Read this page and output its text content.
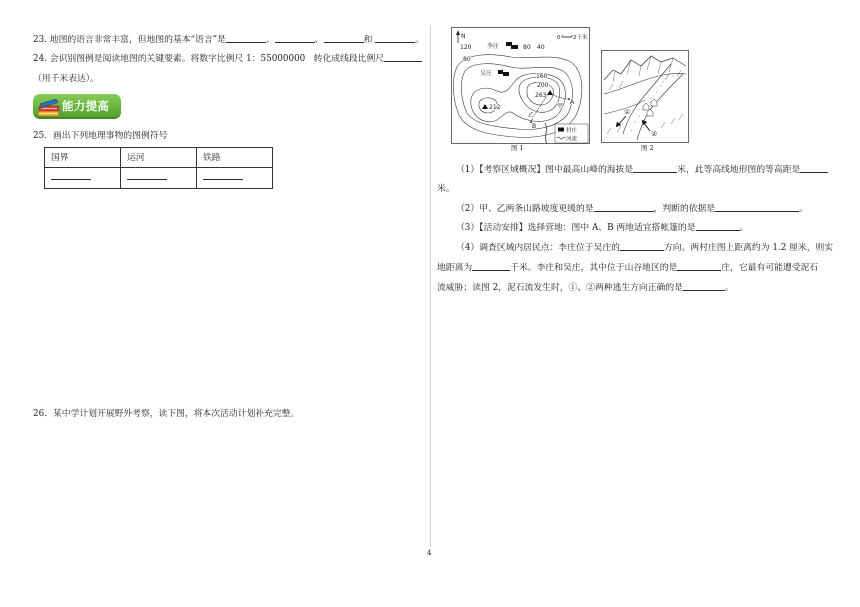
23. 地图的语言非常丰富，但地图的基本“语言”是	、	、	和	。
24. 会识别图例是阅读地图的关键要素。将数字比例尺 1：55000000   转化成线段比例尺
（用千米表达）。
能力提高
25．画出下列地理事物的图例符号
国界	运河	铁路

26．某中学计划开展野外考察，读下图，将本次活动计划补充完整。
N	0 2千米
120
80
80 40
160
200
李庄
吴庄
263
212
A
B
甲
乙
村庄
河流
图 1
①
②
图 2
（1）【考察区域概况】图中最高山峰的海拔是	米，此等高线地形图的等高距是
米。
（2）甲、乙两条山路坡度更缓的是	，判断的依据是	。
（3）【活动安排】选择营地：图中 A、B 两地适宜搭帐篷的是	。
（4）调查区域内居民点：李庄位于吴庄的	方向。两村庄图上距离约为 1.2 厘米，则实
地距离为	千米。李庄和吴庄，其中位于山谷地区的是	庄，它最有可能遭受泥石
流威胁；读图 2，泥石流发生时，①、②两种逃生方向正确的是	。
4
